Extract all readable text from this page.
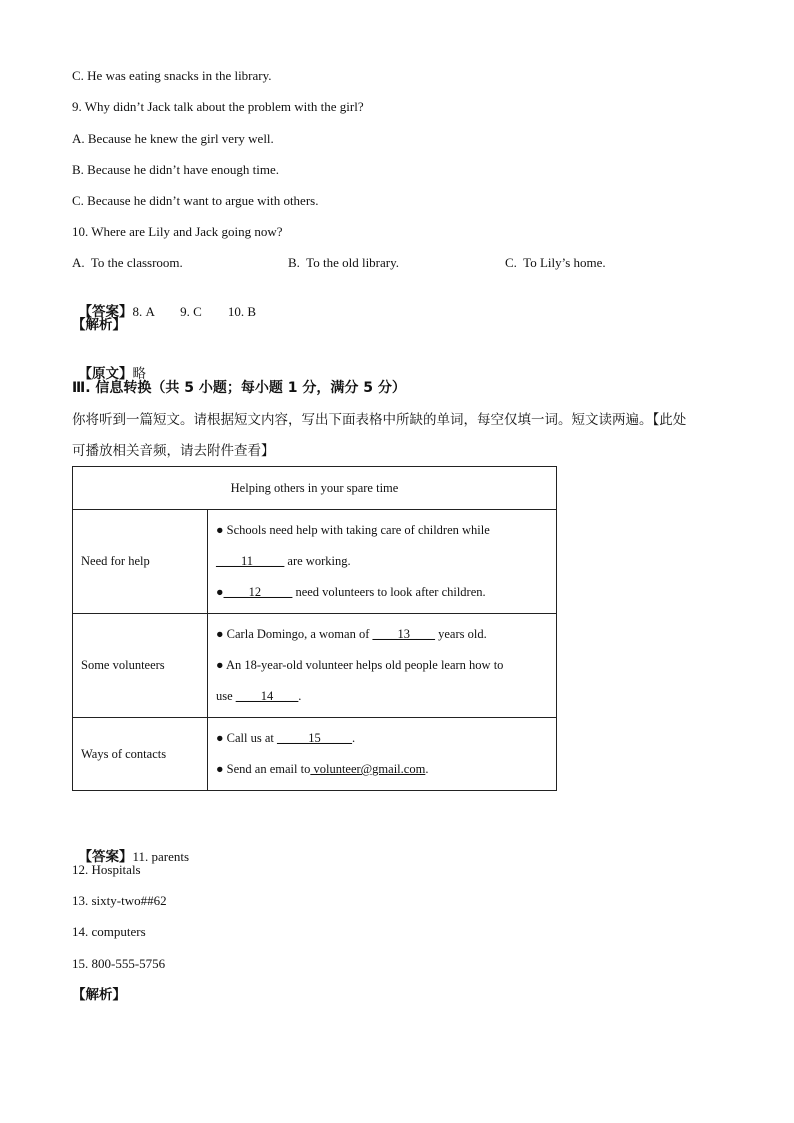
C. He was eating snacks in the library.
9. Why didn’t Jack talk about the problem with the girl?
A. Because he knew the girl very well.
B. Because he didn’t have enough time.
C. Because he didn’t want to argue with others.
10. Where are Lily and Jack going now?

A.  To the classroom.

	B.  To the old library.

	C.  To Lily’s home.

【答案】8. A        9. C        10. B

【解析】

【原文】略

Ⅲ. 信息转换（共 5 小题；每小题 1 分，满分 5 分）
你将听到一篇短文。请根据短文内容，写出下面表格中所缺的单词，每空仅填一词。短文读两遍。【此处
可播放相关音频，请去附件查看】
Helping others in your spare time	
Need for help	● Schools need help with taking care of children while
____11_____ are working.
●____12_____ need volunteers to look after children.

Some volunteers	● Carla Domingo, a woman of ____13____ years old.
● An 18-year-old volunteer helps old people learn how to
use ____14____.

Ways of contacts	● Call us at _____15_____.
● Send an email to volunteer@gmail.com.

【答案】11. parents

12. Hospitals
13. sixty-two##62
14. computers
15. 800-555-5756
【解析】
